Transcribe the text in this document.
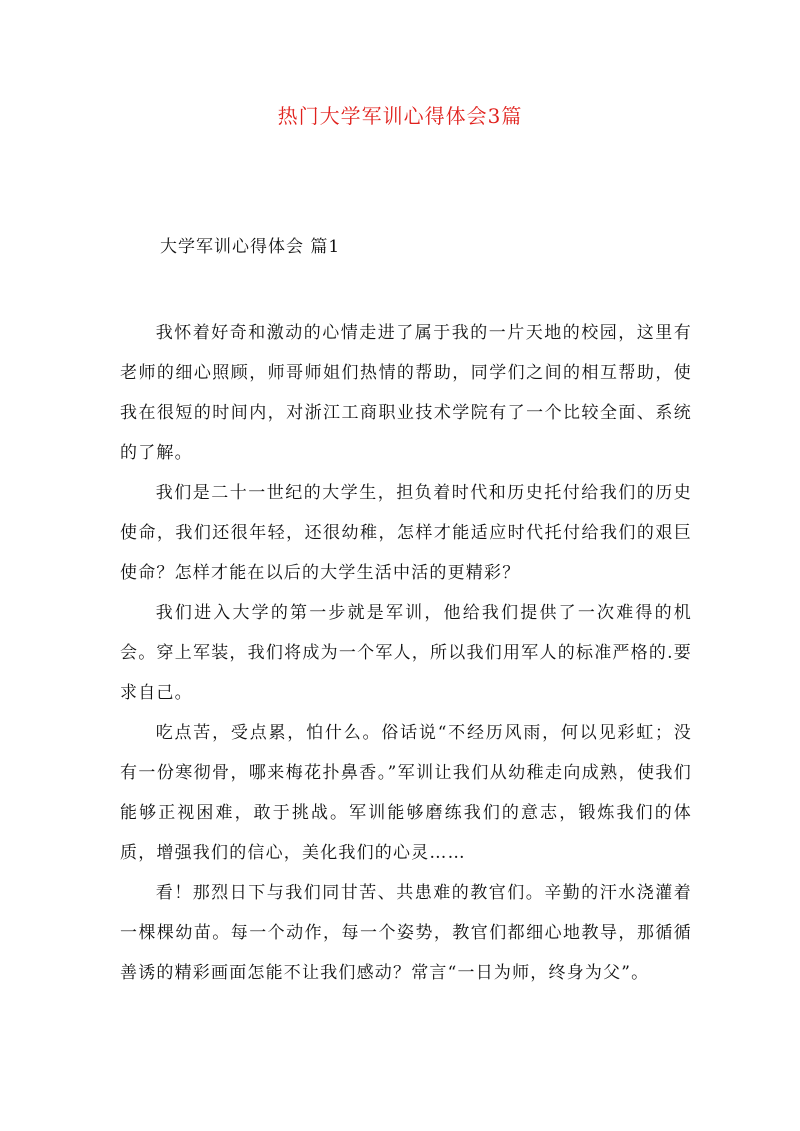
热门大学军训心得体会3篇
大学军训心得体会 篇1

我怀着好奇和激动的心情走进了属于我的一片天地的校园，这里有老师的细心照顾，师哥师姐们热情的帮助，同学们之间的相互帮助，使我在很短的时间内，对浙江工商职业技术学院有了一个比较全面、系统的了解。

我们是二十一世纪的大学生，担负着时代和历史托付给我们的历史使命，我们还很年轻，还很幼稚，怎样才能适应时代托付给我们的艰巨使命？怎样才能在以后的大学生活中活的更精彩？

我们进入大学的第一步就是军训，他给我们提供了一次难得的机会。穿上军装，我们将成为一个军人，所以我们用军人的标准严格的.要求自己。

吃点苦，受点累，怕什么。俗话说“不经历风雨，何以见彩虹；没有一份寒彻骨，哪来梅花扑鼻香。”军训让我们从幼稚走向成熟，使我们能够正视困难，敢于挑战。军训能够磨练我们的意志，锻炼我们的体质，增强我们的信心，美化我们的心灵……

看！那烈日下与我们同甘苦、共患难的教官们。辛勤的汗水浇灌着一棵棵幼苗。每一个动作，每一个姿势，教官们都细心地教导，那循循善诱的精彩画面怎能不让我们感动？常言“一日为师，终身为父”。
